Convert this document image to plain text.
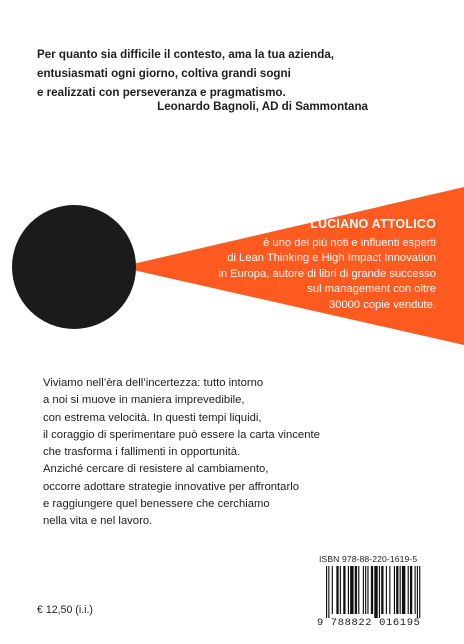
Per quanto sia difficile il contesto, ama la tua azienda,
entusiasmati ogni giorno, coltiva grandi sogni
e realizzati con perseveranza e pragmatismo.
Leonardo Bagnoli, AD di Sammontana
LUCIANO ATTOLICO
è uno dei più noti e influenti esperti
di Lean Thinking e High Impact Innovation
in Europa, autore di libri di grande successo
sul management con oltre
30000 copie vendute.
Viviamo nell’èra dell’incertezza: tutto intorno
a noi si muove in maniera imprevedibile,
con estrema velocità. In questi tempi liquidi,
il coraggio di sperimentare può essere la carta vincente
che trasforma i fallimenti in opportunità.
Anziché cercare di resistere al cambiamento,
occorre adottare strategie innovative per affrontarlo
e raggiungere quel benessere che cerchiamo
nella vita e nel lavoro.
ISBN 978-88-220-1619-5
9 788822 016195
€ 12,50 (i.i.)
